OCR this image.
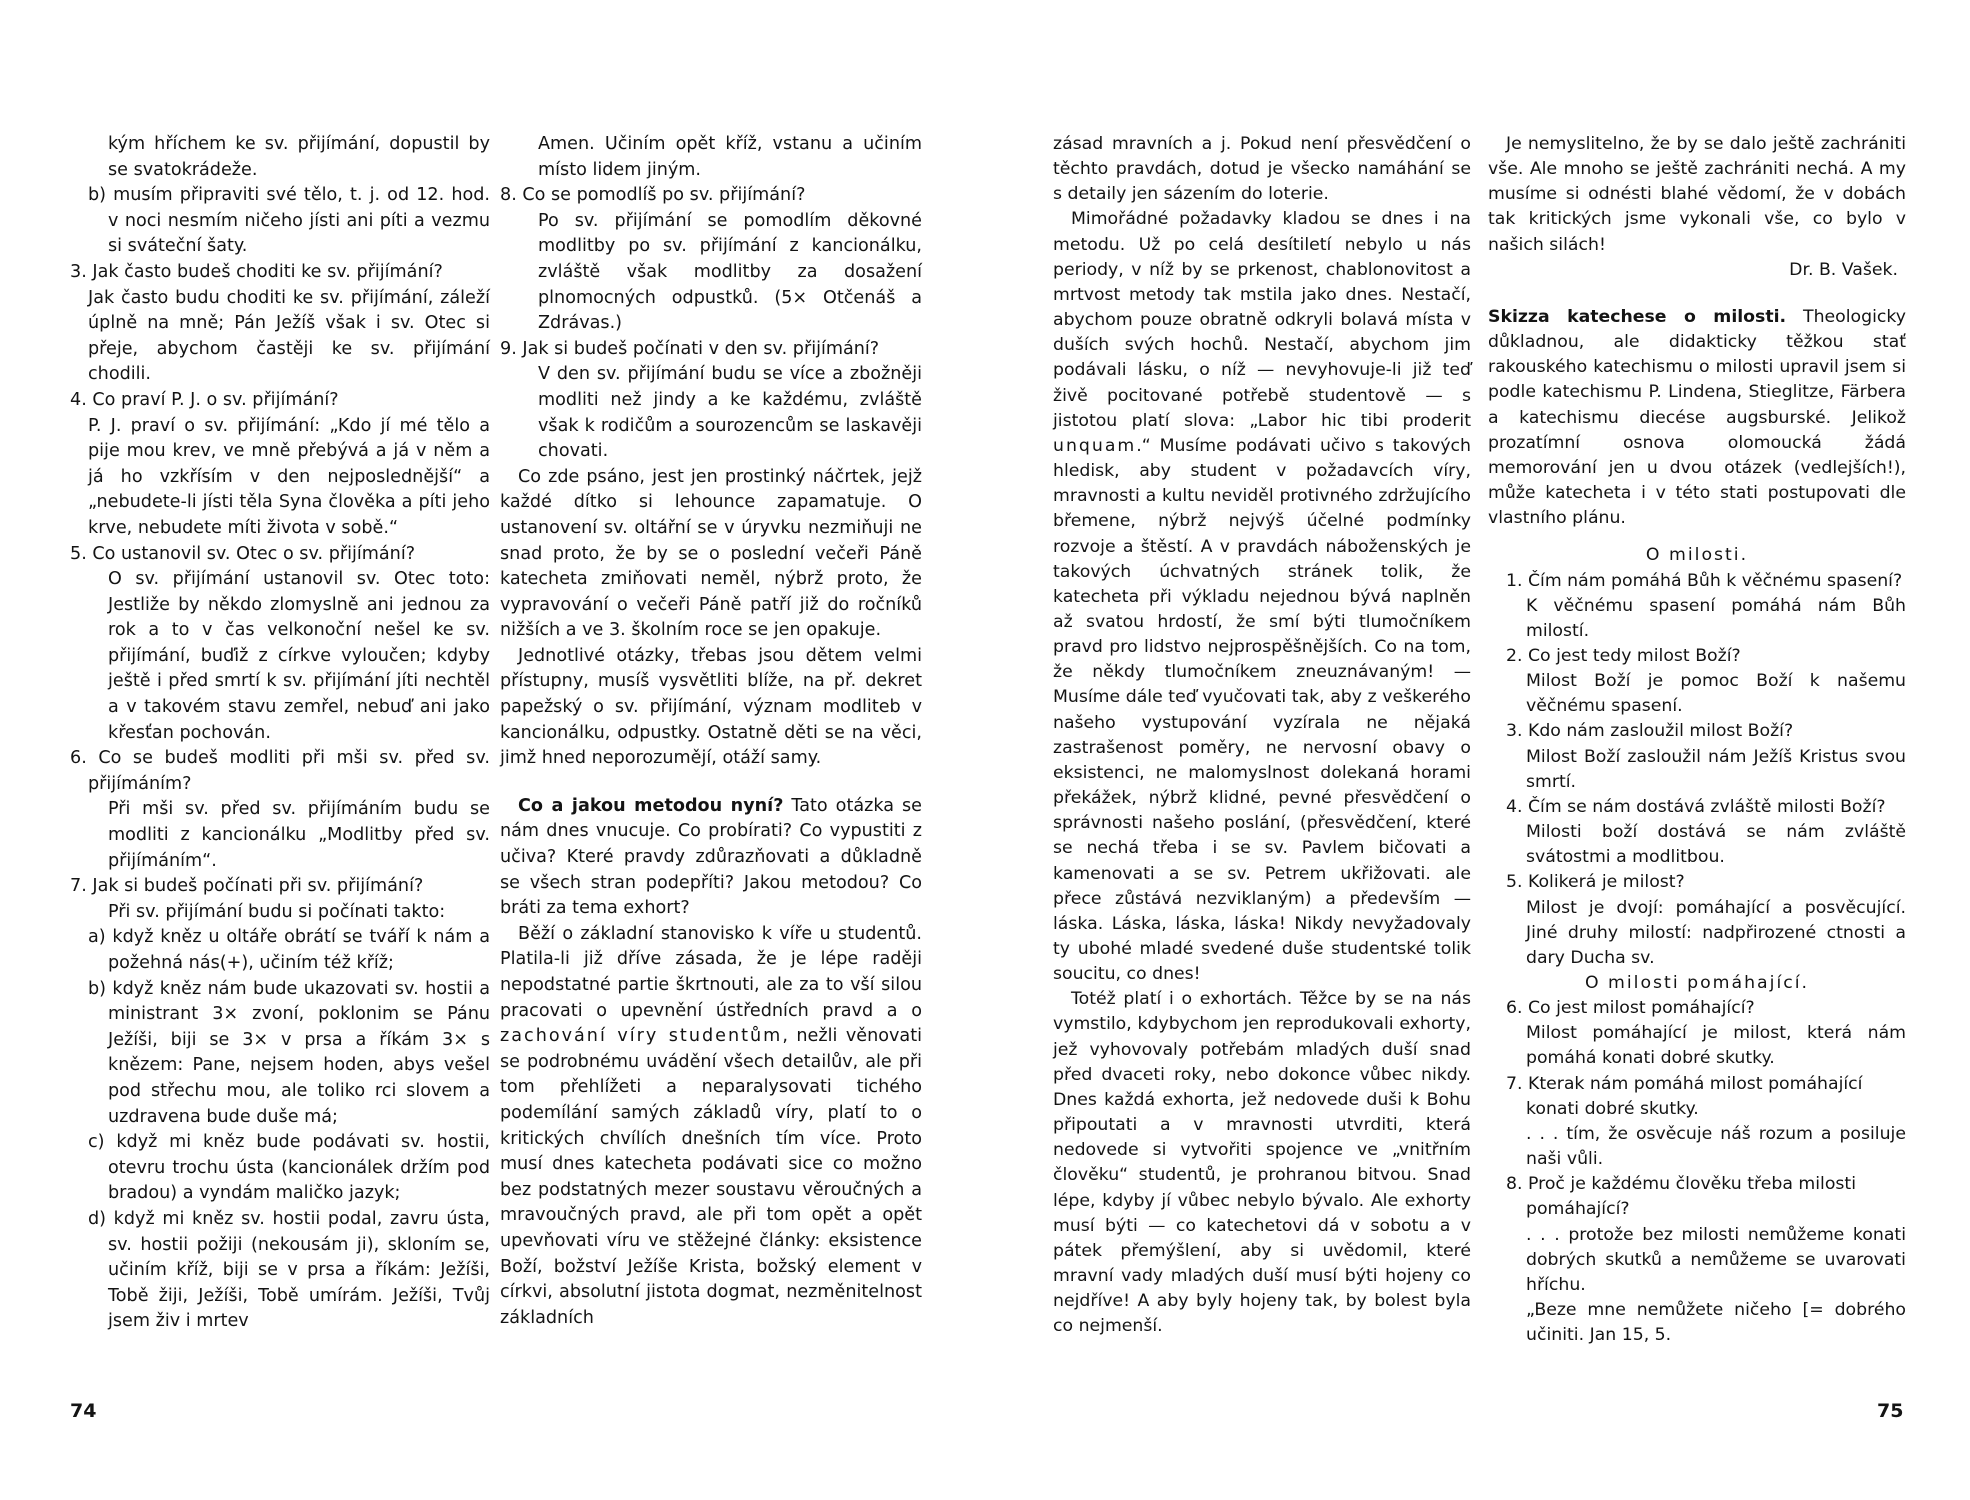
kým hříchem ke sv. přijímání, dopustil by se svatokrádeže.

b) musím připraviti své tělo, t. j. od 12. hod. v noci nesmím ničeho jísti ani píti a vezmu si sváteční šaty.

3. Jak často budeš choditi ke sv. přijímání?

Jak často budu choditi ke sv. přijímání, záleží úplně na mně; Pán Ježíš však i sv. Otec si přeje, abychom častěji ke sv. přijímání chodili.

4. Co praví P. J. o sv. přijímání?

P. J. praví o sv. přijímání: „Kdo jí mé tělo a pije mou krev, ve mně přebývá a já v něm a já ho vzkřísím v den nejposlednější“ a „nebudete-li jísti těla Syna člověka a píti jeho krve, nebudete míti života v sobě.“

5. Co ustanovil sv. Otec o sv. přijímání?

O sv. přijímání ustanovil sv. Otec toto: Jestliže by někdo zlomyslně ani jednou za rok a to v čas velkonoční nešel ke sv. přijímání, buďiž z církve vyloučen; kdyby ještě i před smrtí k sv. přijímání jíti nechtěl a v takovém stavu zemřel, nebuď ani jako křesťan pochován.

6. Co se budeš modliti při mši sv. před sv. přijímáním?

Při mši sv. před sv. přijímáním budu se modliti z kancionálku „Modlitby před sv. přijímáním“.

7. Jak si budeš počínati při sv. přijímání?

Při sv. přijímání budu si počínati takto:

a) když kněz u oltáře obrátí se tváří k nám a požehná nás(+), učiním též kříž;

b) když kněz nám bude ukazovati sv. hostii a ministrant 3× zvoní, poklonim se Pánu Ježíši, biji se 3× v prsa a říkám 3× s knězem: Pane, nejsem hoden, abys vešel pod střechu mou, ale toliko rci slovem a uzdravena bude duše má;

c) když mi kněz bude podávati sv. hostii, otevru trochu ústa (kancionálek držím pod bradou) a vyndám maličko jazyk;

d) když mi kněz sv. hostii podal, zavru ústa, sv. hostii požiji (nekousám ji), skloním se, učiním kříž, biji se v prsa a říkám: Ježíši, Tobě žiji, Ježíši, Tobě umírám. Ježíši, Tvůj jsem živ i mrtev

Amen. Učiním opět kříž, vstanu a učiním místo lidem jiným.

8. Co se pomodlíš po sv. přijímání?

Po sv. přijímání se pomodlím děkovné modlitby po sv. přijímání z kancionálku, zvláště však modlitby za dosažení plnomocných odpustků. (5× Otčenáš a Zdrávas.)

9. Jak si budeš počínati v den sv. přijímání?

V den sv. přijímání budu se více a zbožněji modliti než jindy a ke každému, zvláště však k rodičům a sourozencům se laskavěji chovati.

Co zde psáno, jest jen prostinký náčrtek, jejž každé dítko si lehounce zapamatuje. O ustanovení sv. oltářní se v úryvku nezmiňuji ne snad proto, že by se o poslední večeři Páně katecheta zmiňovati neměl, nýbrž proto, že vypravování o večeři Páně patří již do ročníků nižších a ve 3. školním roce se jen opakuje.

Jednotlivé otázky, třebas jsou dětem velmi přístupny, musíš vysvětliti blíže, na př. dekret papežský o sv. přijímání, význam modliteb v kancionálku, odpustky. Ostatně děti se na věci, jimž hned neporozumějí, otáží samy.

Co a jakou metodou nyní? Tato otázka se nám dnes vnucuje. Co probírati? Co vypustiti z učiva? Které pravdy zdůrazňovati a důkladně se všech stran podepříti? Jakou metodou? Co bráti za tema exhort?

Běží o základní stanovisko k víře u studentů. Platila-li již dříve zásada, že je lépe raději nepodstatné partie škrtnouti, ale za to vší silou pracovati o upevnění ústředních pravd a o zachování víry studentům, nežli věnovati se podrobnému uvádění všech detailův, ale při tom přehlížeti a neparalysovati tichého podemílání samých základů víry, platí to o kritických chvílích dnešních tím více. Proto musí dnes katecheta podávati sice co možno bez podstatných mezer soustavu věroučných a mravoučných pravd, ale při tom opět a opět upevňovati víru ve stěžejné články: eksistence Boží, božství Ježíše Krista, božský element v církvi, absolutní jistota dogmat, nezměnitelnost základních

74

zásad mravních a j. Pokud není přesvědčení o těchto pravdách, dotud je všecko namáhání se s detaily jen sázením do loterie.

Mimořádné požadavky kladou se dnes i na metodu. Už po celá desítiletí nebylo u nás periody, v níž by se prkenost, chablonovitost a mrtvost metody tak mstila jako dnes. Nestačí, abychom pouze obratně odkryli bolavá místa v duších svých hochů. Nestačí, abychom jim podávali lásku, o níž — nevyhovuje-li již teď živě pocitované potřebě studentově — s jistotou platí slova: „Labor hic tibi proderit unquam.“ Musíme podávati učivo s takových hledisk, aby student v požadavcích víry, mravnosti a kultu neviděl protivného zdržujícího břemene, nýbrž nejvýš účelné podmínky rozvoje a štěstí. A v pravdách náboženských je takových úchvatných stránek tolik, že katecheta při výkladu nejednou bývá naplněn až svatou hrdostí, že smí býti tlumočníkem pravd pro lidstvo nejprospěšnějších. Co na tom, že někdy tlumočníkem zneuznávaným! — Musíme dále teď vyučovati tak, aby z veškerého našeho vystupování vyzírala ne nějaká zastrašenost poměry, ne nervosní obavy o eksistenci, ne malomyslnost dolekaná horami překážek, nýbrž klidné, pevné přesvědčení o správnosti našeho poslání, (přesvědčení, které se nechá třeba i se sv. Pavlem bičovati a kamenovati a se sv. Petrem ukřižovati. ale přece zůstává nezviklaným) a především — láska. Láska, láska, láska! Nikdy nevyžadovaly ty ubohé mladé svedené duše studentské tolik soucitu, co dnes!

Totéž platí i o exhortách. Těžce by se na nás vymstilo, kdybychom jen reprodukovali exhorty, jež vyhovovaly potřebám mladých duší snad před dvaceti roky, nebo dokonce vůbec nikdy. Dnes každá exhorta, jež nedovede duši k Bohu připoutati a v mravnosti utvrditi, která nedovede si vytvořiti spojence ve „vnitřním člověku“ studentů, je prohranou bitvou. Snad lépe, kdyby jí vůbec nebylo bývalo. Ale exhorty musí býti — co katechetovi dá v sobotu a v pátek přemýšlení, aby si uvědomil, které mravní vady mladých duší musí býti hojeny co nejdříve! A aby byly hojeny tak, by bolest byla co nejmenší.

Je nemyslitelno, že by se dalo ještě zachrániti vše. Ale mnoho se ještě zachrániti nechá. A my musíme si odnésti blahé vědomí, že v dobách tak kritických jsme vykonali vše, co bylo v našich silách!

Dr. B. Vašek.

Skizza katechese o milosti. Theologicky důkladnou, ale didakticky těžkou stať rakouského katechismu o milosti upravil jsem si podle katechismu P. Lindena, Stieglitze, Färbera a katechismu diecése augsburské. Jelikož prozatímní osnova olomoucká žádá memorování jen u dvou otázek (vedlejších!), může katecheta i v této stati postupovati dle vlastního plánu.

O milosti.

1. Čím nám pomáhá Bůh k věčnému spasení?

K věčnému spasení pomáhá nám Bůh milostí.

2. Co jest tedy milost Boží?

Milost Boží je pomoc Boží k našemu věčnému spasení.

3. Kdo nám zasloužil milost Boží?

Milost Boží zasloužil nám Ježíš Kristus svou smrtí.

4. Čím se nám dostává zvláště milosti Boží?

Milosti boží dostává se nám zvláště svátostmi a modlitbou.

5. Kolikerá je milost?

Milost je dvojí: pomáhající a posvěcující. Jiné druhy milostí: nadpřirozené ctnosti a dary Ducha sv.

O milosti pomáhající.

6. Co jest milost pomáhající?

Milost pomáhající je milost, která nám pomáhá konati dobré skutky.

7. Kterak nám pomáhá milost pomáhající konati dobré skutky.

. . . tím, že osvěcuje náš rozum a posiluje naši vůli.

8. Proč je každému člověku třeba milosti pomáhající?

. . . protože bez milosti nemůžeme konati dobrých skutků a nemůžeme se uvarovati hříchu.

„Beze mne nemůžete ničeho [= dobrého učiniti. Jan 15, 5.

75
